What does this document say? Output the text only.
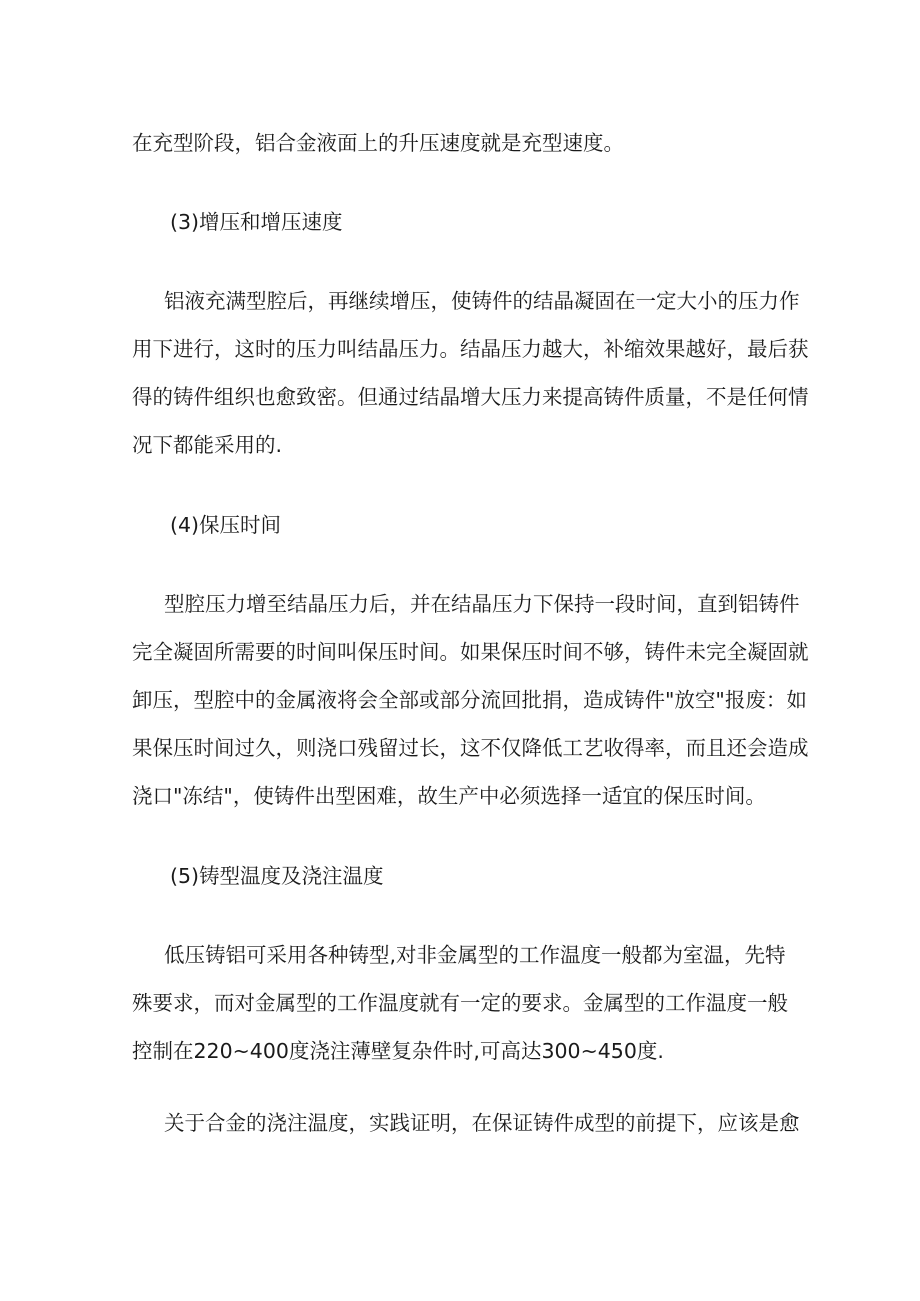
在充型阶段，铝合金液面上的升压速度就是充型速度。
(3)增压和增压速度
铝液充满型腔后，再继续增压，使铸件的结晶凝固在一定大小的压力作
用下进行，这时的压力叫结晶压力。结晶压力越大，补缩效果越好，最后获
得的铸件组织也愈致密。但通过结晶增大压力来提高铸件质量，不是任何情
况下都能采用的.
(4)保压时间
型腔压力增至结晶压力后，并在结晶压力下保持一段时间，直到铝铸件
完全凝固所需要的时间叫保压时间。如果保压时间不够，铸件未完全凝固就
卸压，型腔中的金属液将会全部或部分流回批捐，造成铸件"放空"报废：如
果保压时间过久，则浇口残留过长，这不仅降低工艺收得率，而且还会造成
浇口"冻结"，使铸件出型困难，故生产中必须选择一适宜的保压时间。
(5)铸型温度及浇注温度
低压铸铝可采用各种铸型,对非金属型的工作温度一般都为室温，先特
殊要求，而对金属型的工作温度就有一定的要求。金属型的工作温度一般
控制在220~400度浇注薄壁复杂件时,可高达300~450度.
关于合金的浇注温度，实践证明，在保证铸件成型的前提下，应该是愈
